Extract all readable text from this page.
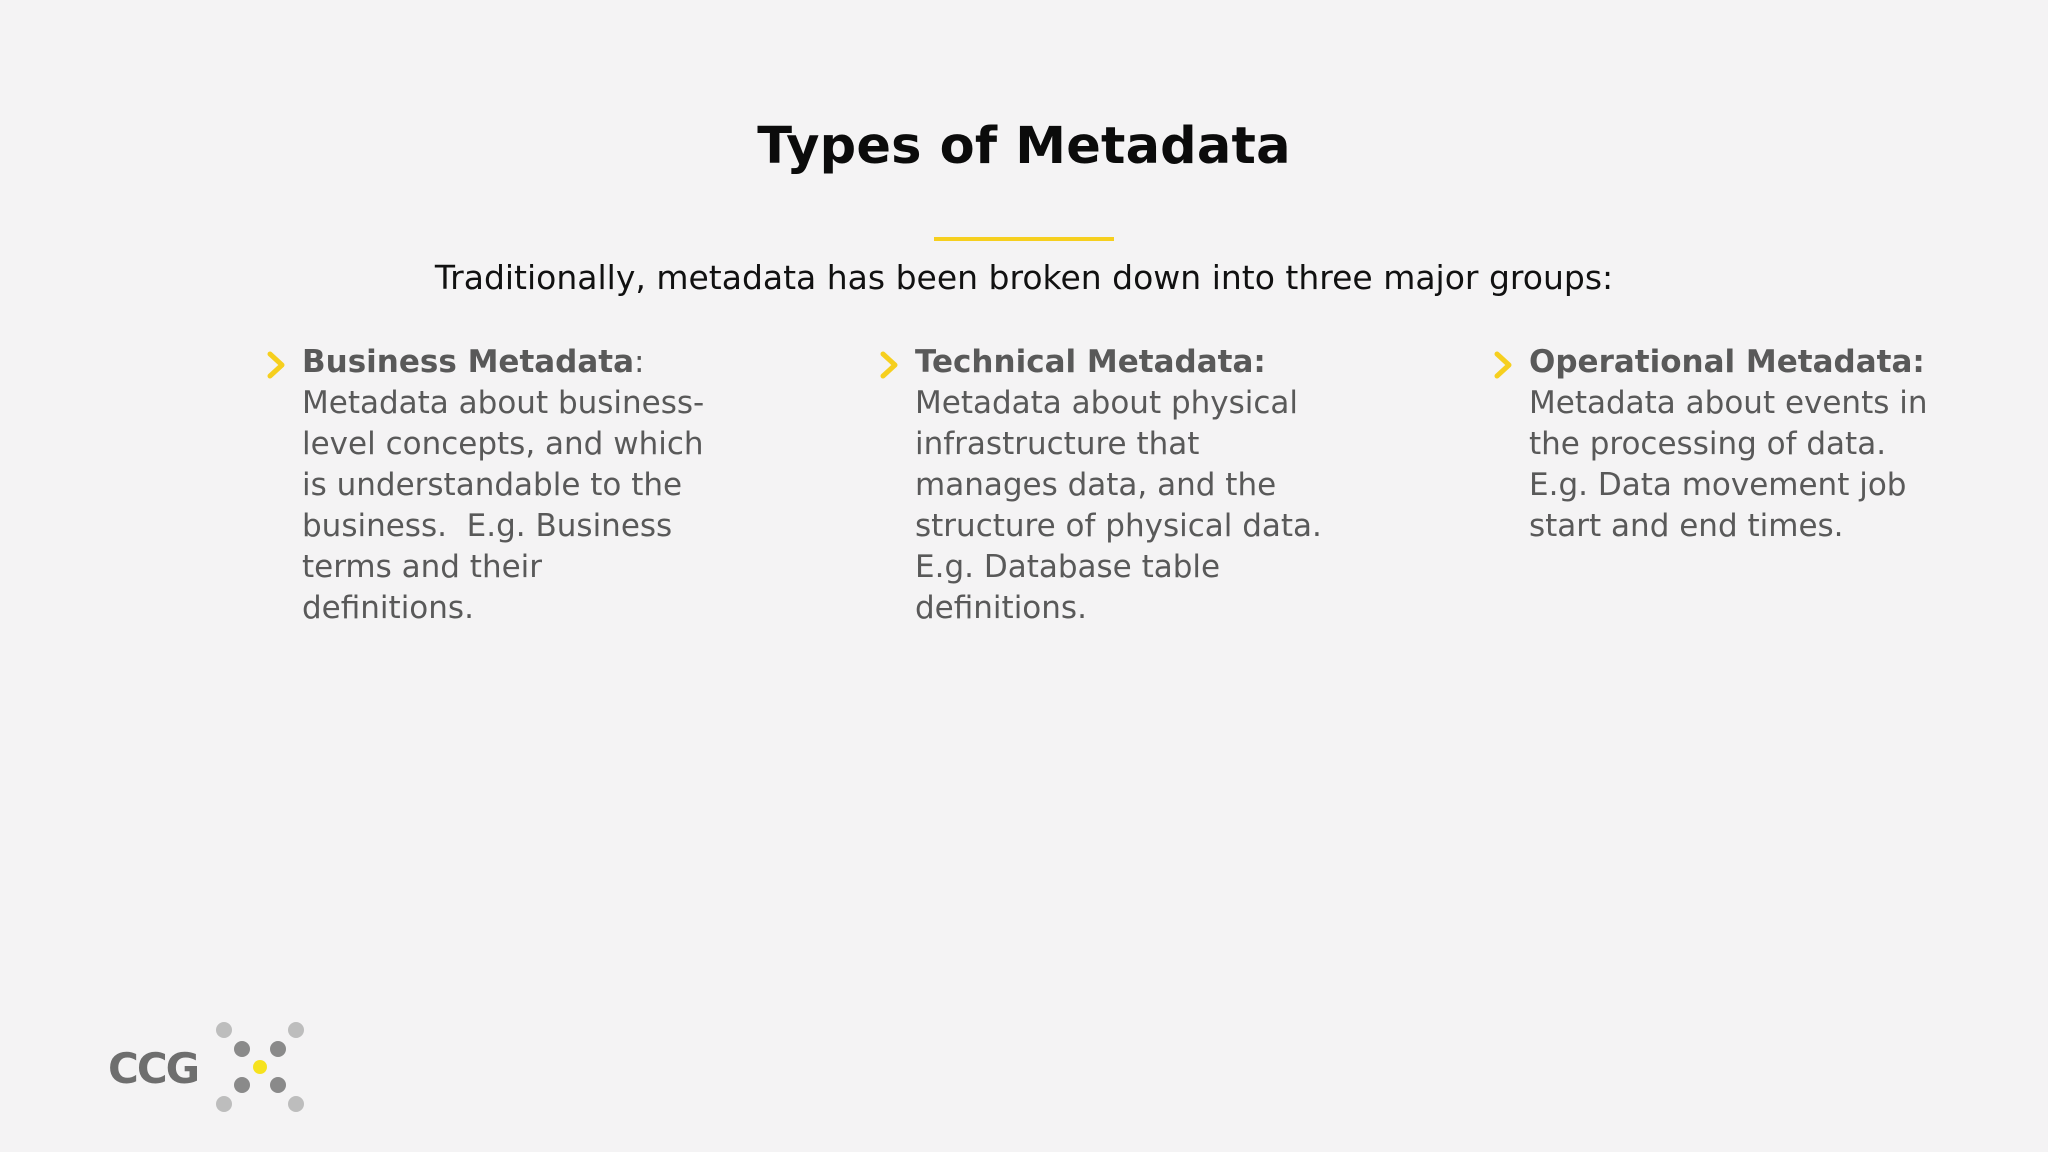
Types of Metadata

Traditionally, metadata has been broken down into three major groups:

Business Metadata:
Metadata about business-
level concepts, and which
is understandable to the
business.  E.g. Business
terms and their
definitions.
Technical Metadata:
Metadata about physical
infrastructure that
manages data, and the
structure of physical data.
E.g. Database table
definitions.
Operational Metadata:
Metadata about events in
the processing of data.
E.g. Data movement job
start and end times.
CCG
